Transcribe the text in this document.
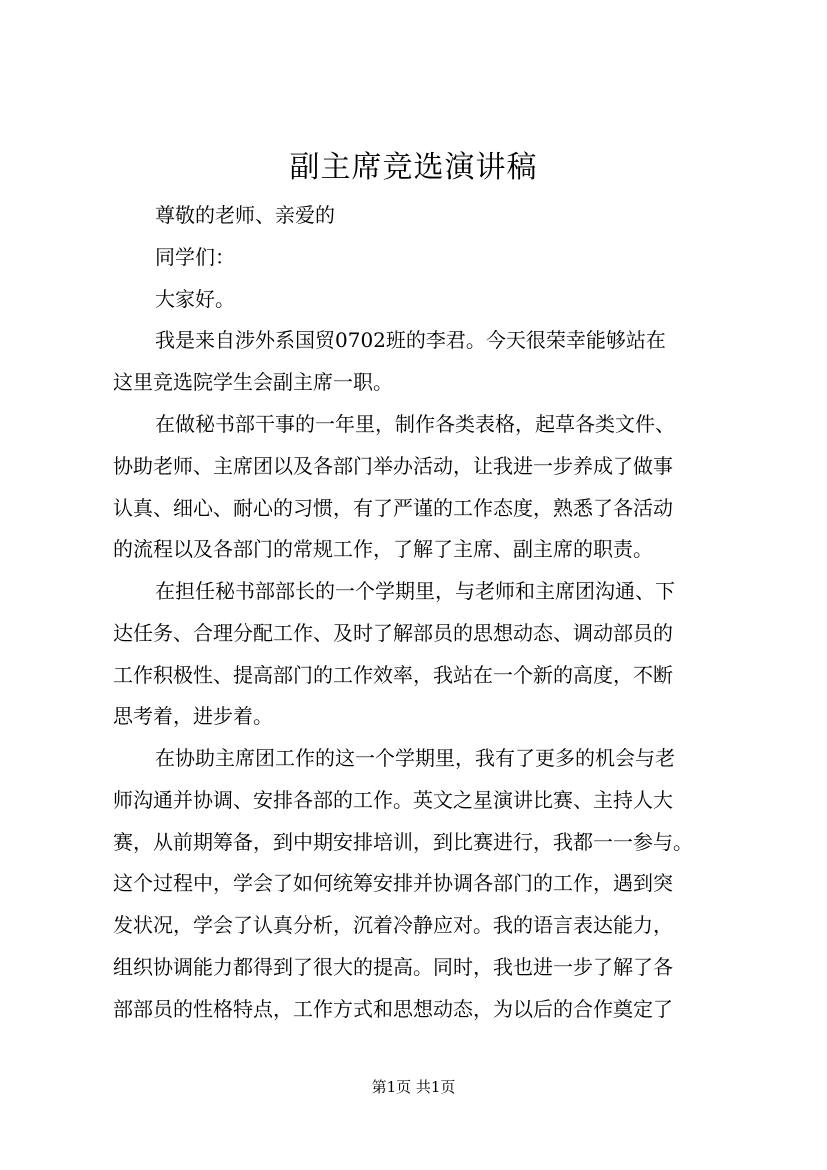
副主席竞选演讲稿
尊敬的老师、亲爱的
同学们：
大家好。
我是来自涉外系国贸0702班的李君。今天很荣幸能够站在
这里竞选院学生会副主席一职。
在做秘书部干事的一年里，制作各类表格，起草各类文件、
协助老师、主席团以及各部门举办活动，让我进一步养成了做事
认真、细心、耐心的习惯，有了严谨的工作态度，熟悉了各活动
的流程以及各部门的常规工作，了解了主席、副主席的职责。
在担任秘书部部长的一个学期里，与老师和主席团沟通、下
达任务、合理分配工作、及时了解部员的思想动态、调动部员的
工作积极性、提高部门的工作效率，我站在一个新的高度，不断
思考着，进步着。
在协助主席团工作的这一个学期里，我有了更多的机会与老
师沟通并协调、安排各部的工作。英文之星演讲比赛、主持人大
赛，从前期筹备，到中期安排培训，到比赛进行，我都一一参与。
这个过程中，学会了如何统筹安排并协调各部门的工作，遇到突
发状况，学会了认真分析，沉着冷静应对。我的语言表达能力，
组织协调能力都得到了很大的提高。同时，我也进一步了解了各
部部员的性格特点，工作方式和思想动态，为以后的合作奠定了
第1页 共1页
